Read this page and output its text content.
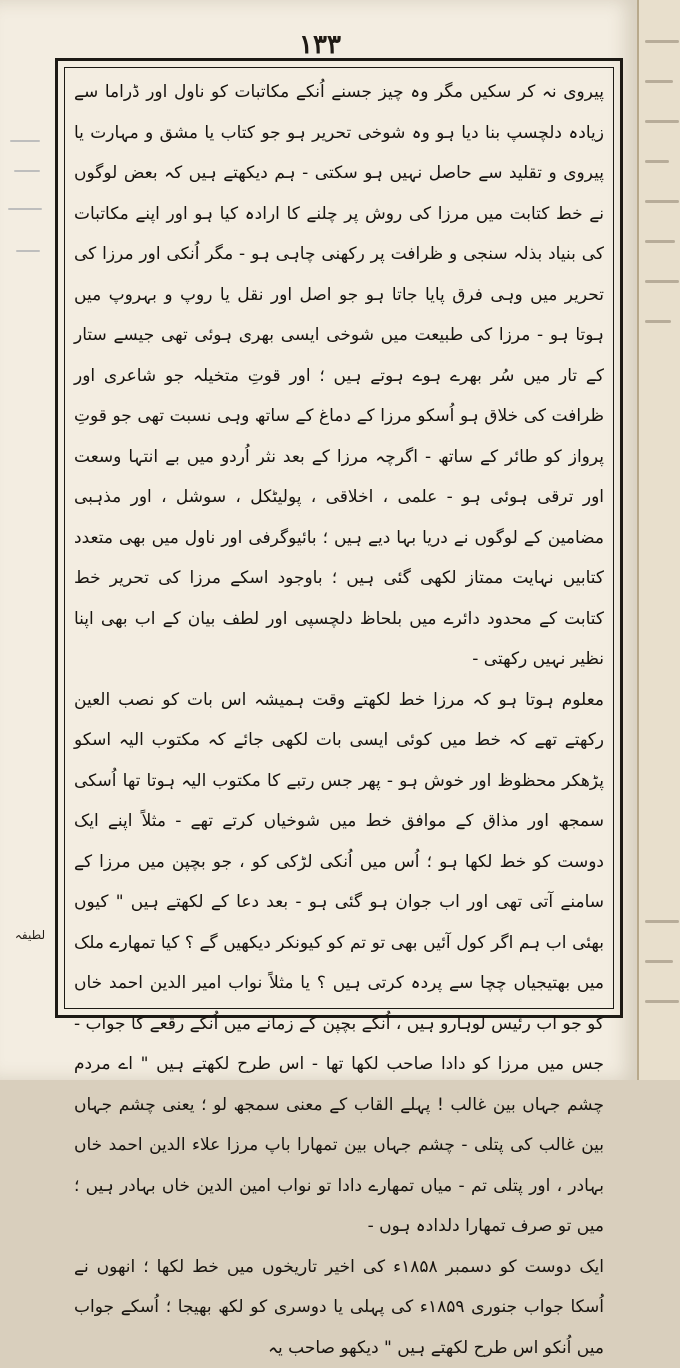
۱۳۳

پیروی نہ کر سکیں مگر وہ چیز جسنے اُنکے مکاتبات کو ناول اور ڈراما سے زیادہ دلچسپ بنا دیا ہو وہ شوخی تحریر ہو جو کتاب یا مشق و مہارت یا پیروی و تقلید سے حاصل نہیں ہو سکتی - ہم دیکھتے ہیں کہ بعض لوگوں نے خط کتابت میں مرزا کی روش پر چلنے کا ارادہ کیا ہو اور اپنے مکاتبات کی بنیاد بذلہ سنجی و ظرافت پر رکھنی چاہی ہو - مگر اُنکی اور مرزا کی تحریر میں وہی فرق پایا جاتا ہو جو اصل اور نقل یا روپ و بہروپ میں ہوتا ہو - مرزا کی طبیعت میں شوخی ایسی بھری ہوئی تھی جیسے ستار کے تار میں سُر بھرے ہوے ہوتے ہیں ؛ اور قوتِ متخیلہ جو شاعری اور ظرافت کی خلاق ہو اُسکو مرزا کے دماغ کے ساتھ وہی نسبت تھی جو قوتِ پرواز کو طائر کے ساتھ - اگرچہ مرزا کے بعد نثر اُردو میں بے انتہا وسعت اور ترقی ہوئی ہو - علمی ، اخلاقی ، پولیٹکل ، سوشل ، اور مذہبی مضامین کے لوگوں نے دریا بہا دیے ہیں ؛ بائیوگرفی اور ناول میں بھی متعدد کتابیں نہایت ممتاز لکھی گئی ہیں ؛ باوجود اسکے مرزا کی تحریر خط کتابت کے محدود دائرے میں بلحاظ دلچسپی اور لطف بیان کے اب بھی اپنا نظیر نہیں رکھتی -

معلوم ہوتا ہو کہ مرزا خط لکھتے وقت ہمیشہ اس بات کو نصب العین رکھتے تھے کہ خط میں کوئی ایسی بات لکھی جائے کہ مکتوب الیہ اسکو پڑھکر محظوظ اور خوش ہو - پھر جس رتبے کا مکتوب الیہ ہوتا تھا اُسکی سمجھ اور مذاق کے موافق خط میں شوخیاں کرتے تھے - مثلاً اپنے ایک دوست کو خط لکھا ہو ؛ اُس میں اُنکی لڑکی کو ، جو بچپن میں مرزا کے سامنے آتی تھی اور اب جوان ہو گئی ہو - بعد دعا کے لکھتے ہیں " کیوں بھئی اب ہم اگر کول آئیں بھی تو تم کو کیونکر دیکھیں گے ؟ کیا تمھارے ملک میں بھتیجیاں چچا سے پردہ کرتی ہیں ؟ یا مثلاً نواب امیر الدین احمد خاں کو جو اب رئیس لوہارو ہیں ، اُنکے بچپن کے زمانے میں اُنکے رقعے کا جواب - جس میں مرزا کو دادا صاحب لکھا تھا - اس طرح لکھتے ہیں " اے مردم چشم جہاں بین غالب ! پہلے القاب کے معنی سمجھ لو ؛ یعنی چشم جہاں بین غالب کی پتلی - چشم جہاں بین تمھارا باپ مرزا علاء الدین احمد خاں بہادر ، اور پتلی تم - میاں تمھارے دادا تو نواب امین الدین خاں بہادر ہیں ؛ میں تو صرف تمھارا دلدادہ ہوں -

ایک دوست کو دسمبر ۱۸۵۸ء کی اخیر تاریخوں میں خط لکھا ؛ انھوں نے اُسکا جواب جنوری ۱۸۵۹ء کی پہلی یا دوسری کو لکھ بھیجا ؛ اُسکے جواب میں اُنکو اس طرح لکھتے ہیں " دیکھو صاحب یہ

لطیفہ
